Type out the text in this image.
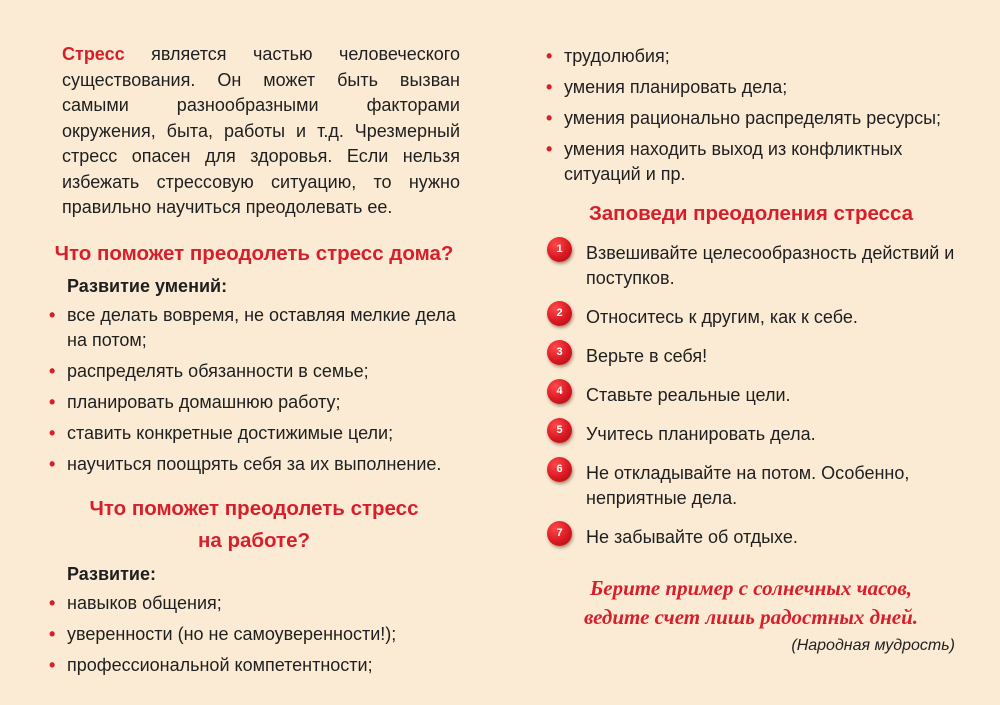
Стресс является частью человеческого существования. Он может быть вызван самыми разнообразными факторами окружения, быта, работы и т.д. Чрезмерный стресс опасен для здоровья. Если нельзя избежать стрессовую ситуацию, то нужно правильно научиться преодолевать ее.

Что поможет преодолеть стресс дома?
Развитие умений:
• все делать вовремя, не оставляя мелкие дела на потом;
• распределять обязанности в семье;
• планировать домашнюю работу;
• ставить конкретные достижимые цели;
• научиться поощрять себя за их выполнение.
Что поможет преодолеть стресс
на работе?
Развитие:
• навыков общения;
• уверенности (но не самоуверенности!);
• профессиональной компетентности;
• трудолюбия;
• умения планировать дела;
• умения рационально распределять ресурсы;
• умения находить выход из конфликтных ситуаций и пр.
Заповеди преодоления стресса
1	Взвешивайте целесообразность действий и поступков.
2	Относитесь к другим, как к себе.
3	Верьте в себя!
4	Ставьте реальные цели.
5	Учитесь планировать дела.
6	Не откладывайте на потом. Особенно, неприятные дела.
7	Не забывайте об отдыхе.
Берите пример с солнечных часов,
ведите счет лишь радостных дней.
(Народная мудрость)
